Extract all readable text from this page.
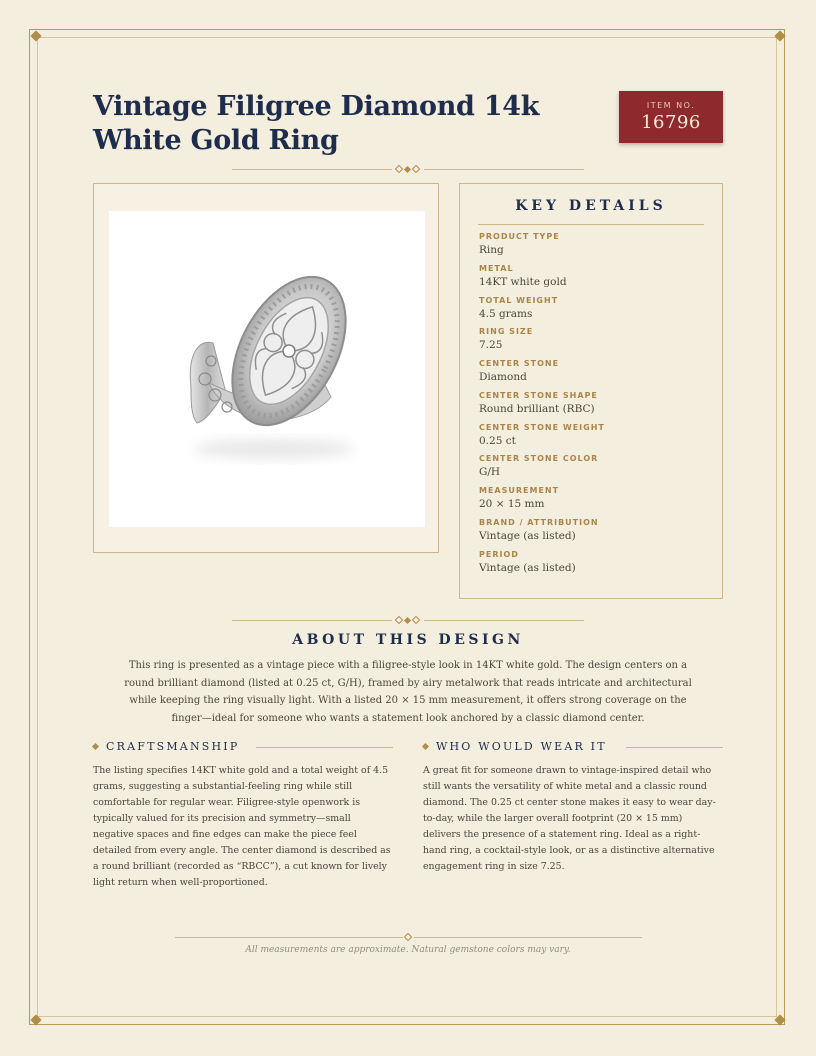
Vintage Filigree Diamond 14k White Gold Ring
ITEM NO.
16796
KEY DETAILS
PRODUCT TYPE
Ring
METAL
14KT white gold
TOTAL WEIGHT
4.5 grams
RING SIZE
7.25
CENTER STONE
Diamond
CENTER STONE SHAPE
Round brilliant (RBC)
CENTER STONE WEIGHT
0.25 ct
CENTER STONE COLOR
G/H
MEASUREMENT
20 × 15 mm
BRAND / ATTRIBUTION
Vintage (as listed)
PERIOD
Vintage (as listed)
ABOUT THIS DESIGN

This ring is presented as a vintage piece with a filigree-style look in 14KT white gold. The design centers on a round brilliant diamond (listed at 0.25 ct, G/H), framed by airy metalwork that reads intricate and architectural while keeping the ring visually light. With a listed 20 × 15 mm measurement, it offers strong coverage on the finger—ideal for someone who wants a statement look anchored by a classic diamond center.

CRAFTSMANSHIP

The listing specifies 14KT white gold and a total weight of 4.5 grams, suggesting a substantial-feeling ring while still comfortable for regular wear. Filigree-style openwork is typically valued for its precision and symmetry—small negative spaces and fine edges can make the piece feel detailed from every angle. The center diamond is described as a round brilliant (recorded as “RBCC”), a cut known for lively light return when well-proportioned.

WHO WOULD WEAR IT

A great fit for someone drawn to vintage-inspired detail who still wants the versatility of white metal and a classic round diamond. The 0.25 ct center stone makes it easy to wear day-to-day, while the larger overall footprint (20 × 15 mm) delivers the presence of a statement ring. Ideal as a right-hand ring, a cocktail-style look, or as a distinctive alternative engagement ring in size 7.25.

All measurements are approximate. Natural gemstone colors may vary.
